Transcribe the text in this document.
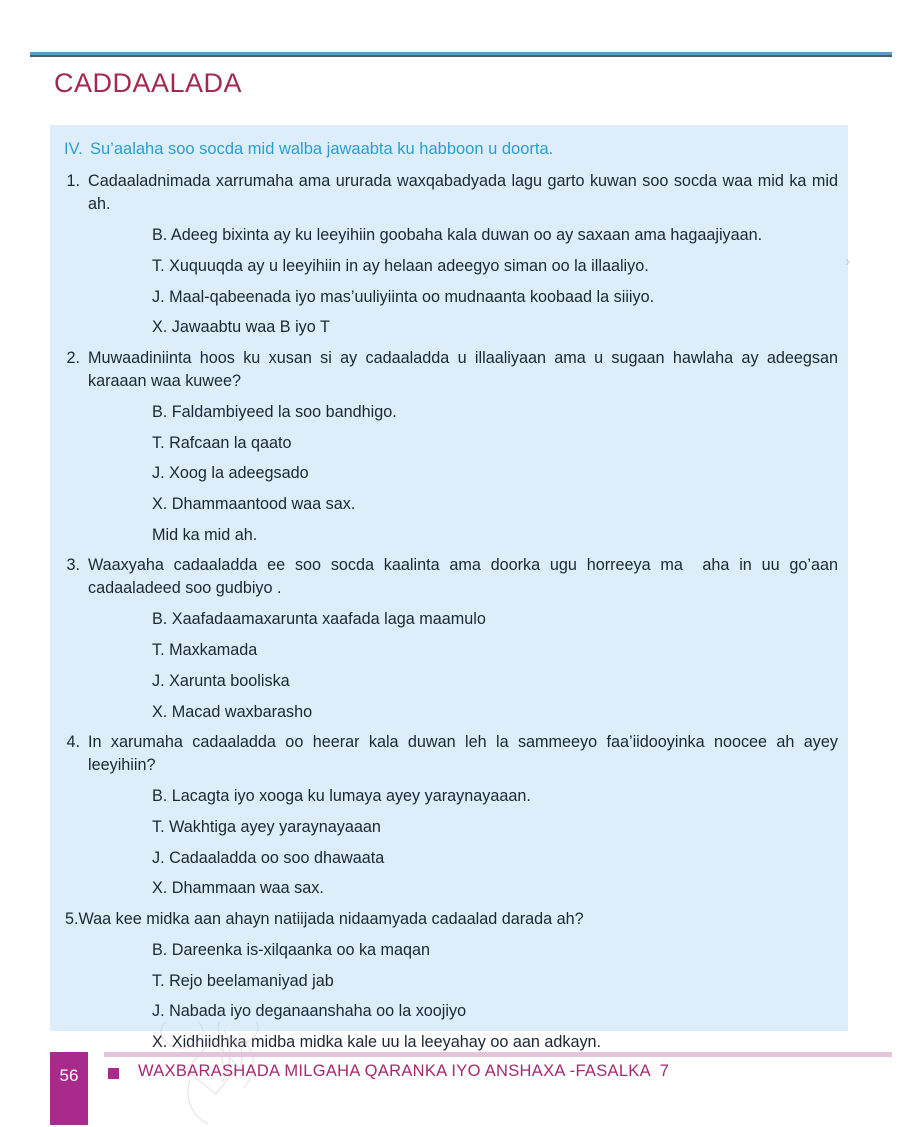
CADDAALADA
IV. Su’aalaha soo socda mid walba jawaabta ku habboon u doorta.
1. Cadaaladnimada xarrumaha ama ururada waxqabadyada lagu garto kuwan soo socda waa mid ka mid ah.
B. Adeeg bixinta ay ku leeyihiin goobaha kala duwan oo ay saxaan ama hagaajiyaan.
T. Xuquuqda ay u leeyihiin in ay helaan adeegyo siman oo la illaaliyo.
J. Maal-qabeenada iyo mas’uuliyiinta oo mudnaanta koobaad la siiiyo.
X. Jawaabtu waa B iyo T
2. Muwaadiniinta hoos ku xusan si ay cadaaladda u illaaliyaan ama u sugaan hawlaha ay adeegsan karaaan waa kuwee?
B. Faldambiyeed la soo bandhigo.
T. Rafcaan la qaato
J. Xoog la adeegsado
X. Dhammaantood waa sax.
Mid ka mid ah.
3. Waaxyaha cadaaladda ee soo socda kaalinta ama doorka ugu horreeya ma  aha in uu go’aan cadaaladeed soo gudbiyo .
B. Xaafadaamaxarunta xaafada laga maamulo
T. Maxkamada
J. Xarunta booliska
X. Macad waxbarasho
4. In xarumaha cadaaladda oo heerar kala duwan leh la sammeeyo faa’iidooyinka noocee ah ayey leeyihiin?
B. Lacagta iyo xooga ku lumaya ayey yaraynayaaan.
T. Wakhtiga ayey yaraynayaaan
J. Cadaaladda oo soo dhawaata
X. Dhammaan waa sax.
5.Waa kee midka aan ahayn natiijada nidaamyada cadaalad darada ah?
B. Dareenka is-xilqaanka oo ka maqan
T. Rejo beelamaniyad jab
J. Nabada iyo deganaanshaha oo la xoojiyo
X. Xidhiidhka midba midka kale uu la leeyahay oo aan adkayn.
›
56	WAXBARASHADA MILGAHA QARANKA IYO ANSHAXA -FASALKA  7
